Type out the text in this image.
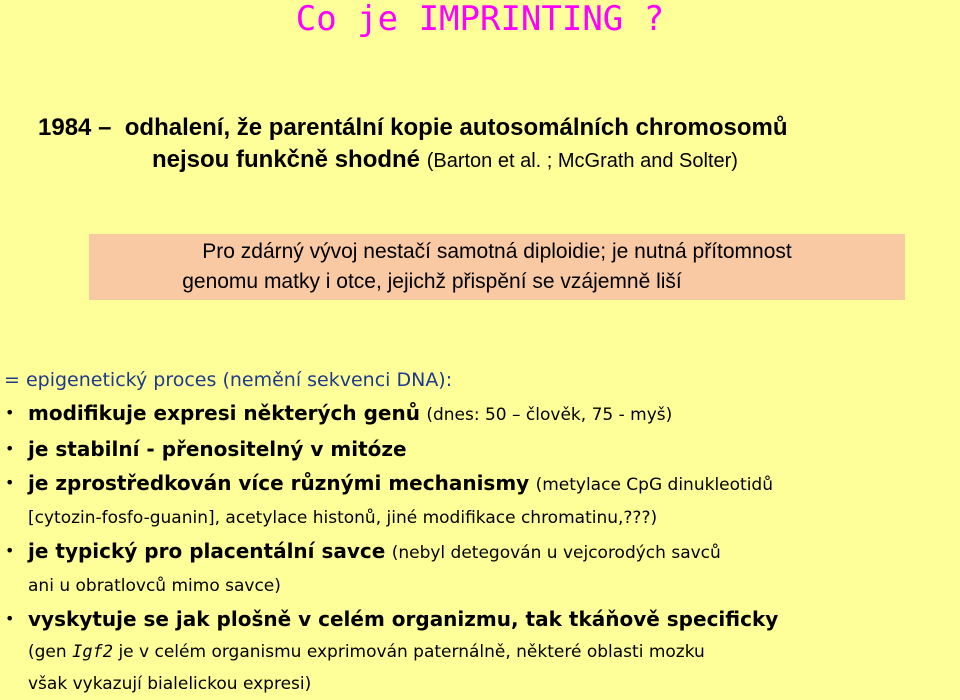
Co je IMPRINTING ?
1984 – odhalení, že parentální kopie autosomálních chromosomů
nejsou funkčně shodné (Barton et al. ; McGrath and Solter)
Pro zdárný vývoj nestačí samotná diploidie; je nutná přítomnost
genomu matky i otce, jejichž přispění se vzájemně liší
= epigenetický proces (nemění sekvenci DNA):
• modifikuje expresi některých genů (dnes: 50 – člověk, 75 - myš)
• je stabilní - přenositelný v mitóze
• je zprostředkován více různými mechanismy (metylace CpG dinukleotidů
[cytozin-fosfo-guanin], acetylace histonů, jiné modifikace chromatinu,???)
• je typický pro placentální savce (nebyl detegován u vejcorodých savců
ani u obratlovců mimo savce)
• vyskytuje se jak plošně v celém organizmu, tak tkáňově specificky
(gen Igf2 je v celém organismu exprimován paternálně, některé oblasti mozku
však vykazují bialelickou expresi)
